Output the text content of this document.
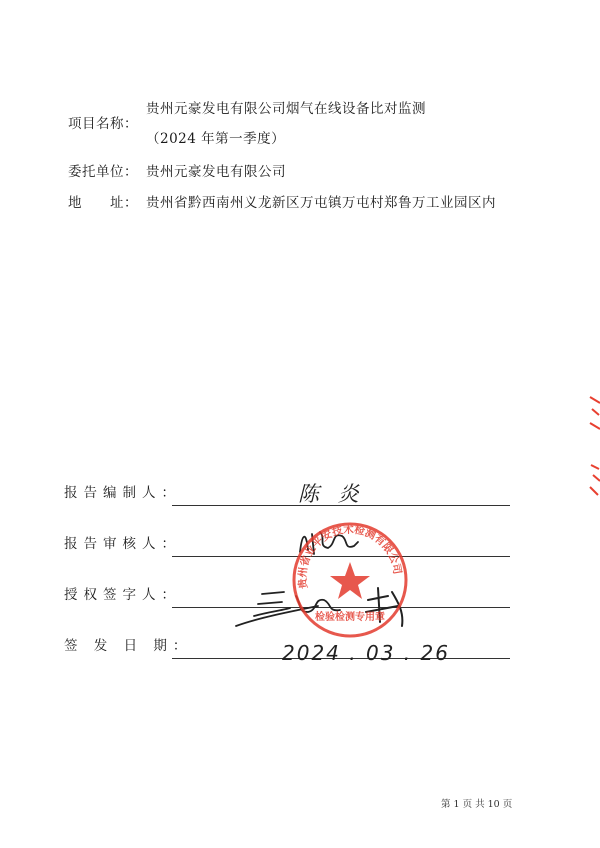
项目名称：
贵州元豪发电有限公司烟气在线设备比对监测
（2024 年第一季度）
委托单位： 贵州元豪发电有限公司
地　　址： 贵州省黔西南州义龙新区万屯镇万屯村郑鲁万工业园区内
报告编制人：	陈 炎
报告审核人：
授权签字人：
签 发 日 期：	2024 . 03 . 26
贵州省业平安技术检测有限公司
检验检测专用章
第 1 页 共 10 页
